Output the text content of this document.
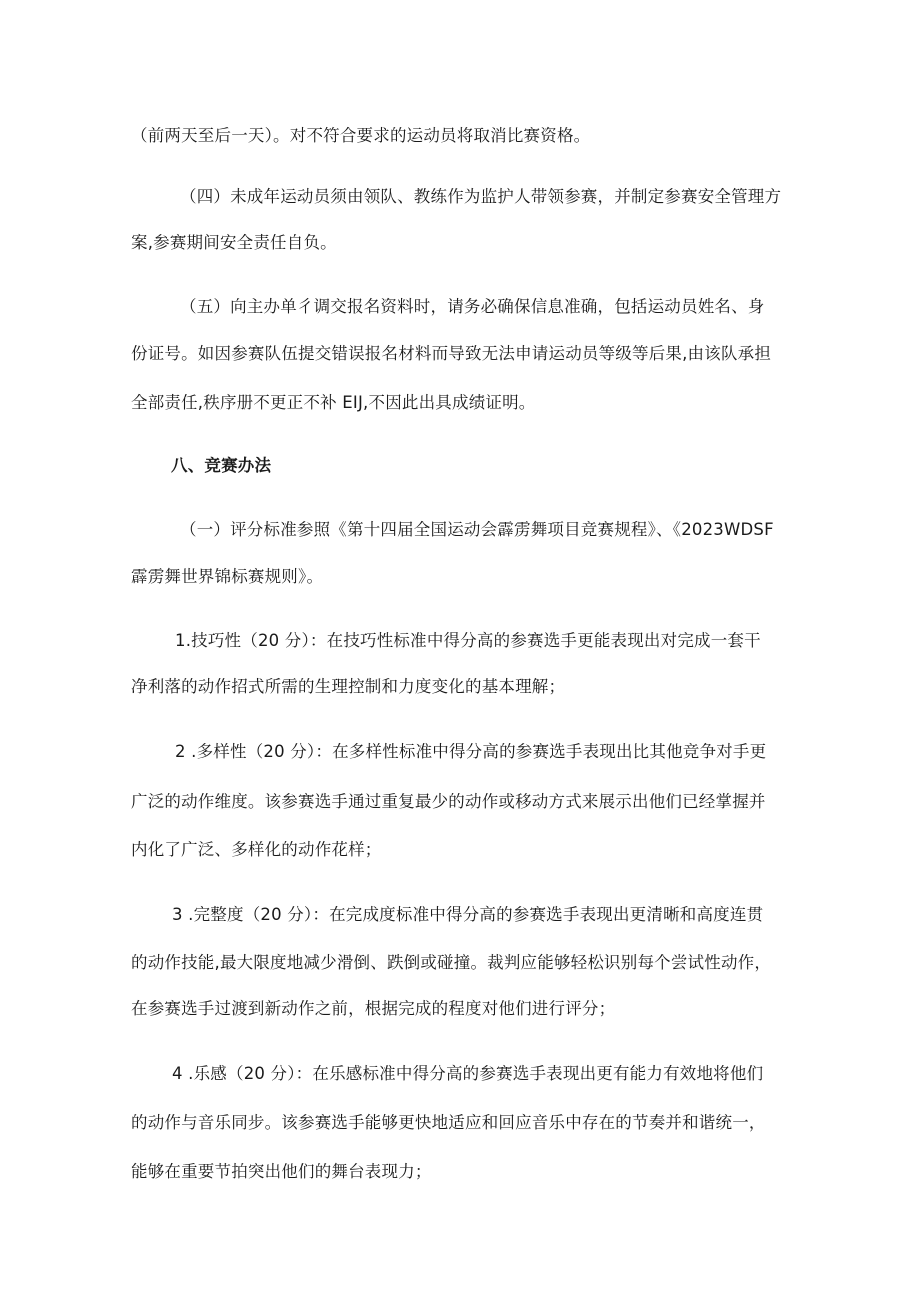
（前两天至后一天）。对不符合要求的运动员将取消比赛资格。
（四）未成年运动员须由领队、教练作为监护人带领参赛，并制定参赛安全管理方
案,参赛期间安全责任自负。
（五）向主办单彳调交报名资料时，请务必确保信息准确，包括运动员姓名、身
份证号。如因参赛队伍提交错误报名材料而导致无法申请运动员等级等后果,由该队承担
全部责任,秩序册不更正不补 EIJ,不因此出具成绩证明。
八、竞赛办法
（一）评分标准参照《第十四届全国运动会霹雳舞项目竞赛规程》、《2023WDSF
霹雳舞世界锦标赛规则》。
1.技巧性（20 分）：在技巧性标准中得分高的参赛选手更能表现出对完成一套干
净利落的动作招式所需的生理控制和力度变化的基本理解；
2 .多样性（20 分）：在多样性标准中得分高的参赛选手表现出比其他竞争对手更
广泛的动作维度。该参赛选手通过重复最少的动作或移动方式来展示出他们已经掌握并
内化了广泛、多样化的动作花样；
3 .完整度（20 分）：在完成度标准中得分高的参赛选手表现出更清晰和高度连贯
的动作技能,最大限度地减少滑倒、跌倒或碰撞。裁判应能够轻松识别每个尝试性动作，
在参赛选手过渡到新动作之前，根据完成的程度对他们进行评分；
4 .乐感（20 分）：在乐感标准中得分高的参赛选手表现出更有能力有效地将他们
的动作与音乐同步。该参赛选手能够更快地适应和回应音乐中存在的节奏并和谐统一，
能够在重要节拍突出他们的舞台表现力；
